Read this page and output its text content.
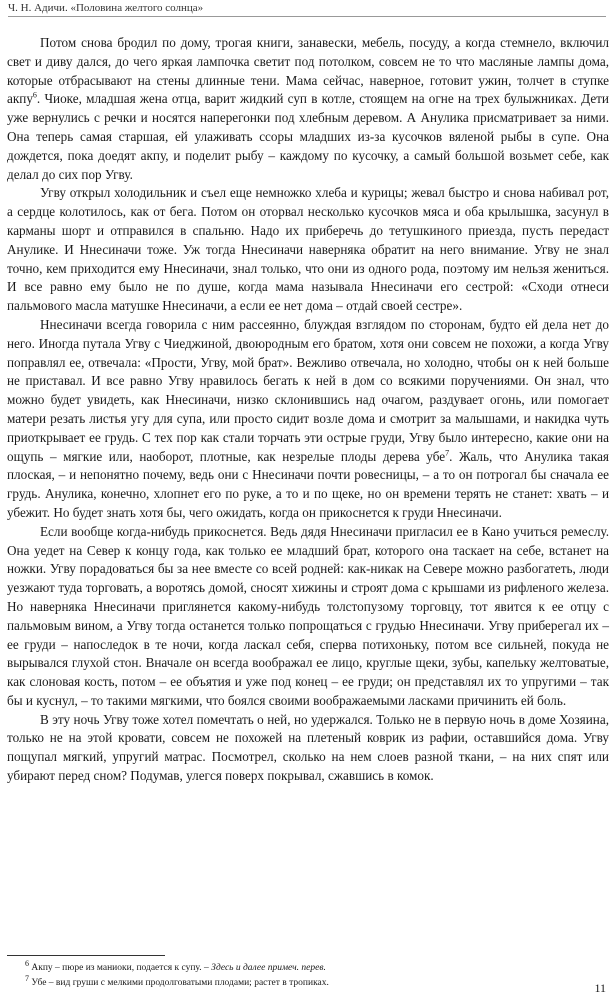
Ч. Н. Адичи. «Половина желтого солнца»

Потом снова бродил по дому, трогая книги, занавески, мебель, посуду, а когда стемнело, включил свет и диву дался, до чего яркая лампочка светит под потолком, совсем не то что масляные лампы дома, которые отбрасывают на стены длинные тени. Мама сейчас, наверное, готовит ужин, толчет в ступке акпу$^6$. Чиоке, младшая жена отца, варит жидкий суп в котле, стоящем на огне на трех булыжниках. Дети уже вернулись с речки и носятся наперегонки под хлебным деревом. А Анулика присматривает за ними. Она теперь самая старшая, ей улаживать ссоры младших из-за кусочков вяленой рыбы в супе. Она дождется, пока доедят акпу, и поделит рыбу – каждому по кусочку, а самый большой возьмет себе, как делал до сих пор Угву.

Угву открыл холодильник и съел еще немножко хлеба и курицы; жевал быстро и снова набивал рот, а сердце колотилось, как от бега. Потом он оторвал несколько кусочков мяса и оба крылышка, засунул в карманы шорт и отправился в спальню. Надо их приберечь до тетушкиного приезда, пусть передаст Анулике. И Ннесиначи тоже. Уж тогда Ннесиначи наверняка обратит на него внимание. Угву не знал точно, кем приходится ему Ннесиначи, знал только, что они из одного рода, поэтому им нельзя жениться. И все равно ему было не по душе, когда мама называла Ннесиначи его сестрой: «Сходи отнеси пальмового масла матушке Ннесиначи, а если ее нет дома – отдай своей сестре».

Ннесиначи всегда говорила с ним рассеянно, блуждая взглядом по сторонам, будто ей дела нет до него. Иногда путала Угву с Чиеджиной, двоюродным его братом, хотя они совсем не похожи, а когда Угву поправлял ее, отвечала: «Прости, Угву, мой брат». Вежливо отвечала, но холодно, чтобы он к ней больше не приставал. И все равно Угву нравилось бегать к ней в дом со всякими поручениями. Он знал, что можно будет увидеть, как Ннесиначи, низко склонившись над очагом, раздувает огонь, или помогает матери резать листья угу для супа, или просто сидит возле дома и смотрит за малышами, и накидка чуть приоткрывает ее грудь. С тех пор как стали торчать эти острые груди, Угву было интересно, какие они на ощупь – мягкие или, наоборот, плотные, как незрелые плоды дерева убе$^7$. Жаль, что Анулика такая плоская, – и непонятно почему, ведь они с Ннесиначи почти ровесницы, – а то он потрогал бы сначала ее грудь. Анулика, конечно, хлопнет его по руке, а то и по щеке, но он времени терять не станет: хвать – и убежит. Но будет знать хотя бы, чего ожидать, когда он прикоснется к груди Ннесиначи.

Если вообще когда-нибудь прикоснется. Ведь дядя Ннесиначи пригласил ее в Кано учиться ремеслу. Она уедет на Север к концу года, как только ее младший брат, которого она таскает на себе, встанет на ножки. Угву порадоваться бы за нее вместе со всей родней: как-никак на Севере можно разбогатеть, люди уезжают туда торговать, а воротясь домой, сносят хижины и строят дома с крышами из рифленого железа. Но наверняка Ннесиначи приглянется какому-нибудь толстопузому торговцу, тот явится к ее отцу с пальмовым вином, а Угву тогда останется только попрощаться с грудью Ннесиначи. Угву приберегал их – ее груди – напоследок в те ночи, когда ласкал себя, сперва потихоньку, потом все сильней, покуда не вырывался глухой стон. Вначале он всегда воображал ее лицо, круглые щеки, зубы, капельку желтоватые, как слоновая кость, потом – ее объятия и уже под конец – ее груди; он представлял их то упругими – так бы и куснул, – то такими мягкими, что боялся своими воображаемыми ласками причинить ей боль.

В эту ночь Угву тоже хотел помечтать о ней, но удержался. Только не в первую ночь в доме Хозяина, только не на этой кровати, совсем не похожей на плетеный коврик из рафии, оставшийся дома. Угву пощупал мягкий, упругий матрас. Посмотрел, сколько на нем слоев разной ткани, – на них спят или убирают перед сном? Подумав, улегся поверх покрывал, сжавшись в комок.

$^6$ Акпу – пюре из маниоки, подается к супу. – Здесь и далее примеч. перев.
$^7$ Убе – вид груши с мелкими продолговатыми плодами; растет в тропиках.	11
